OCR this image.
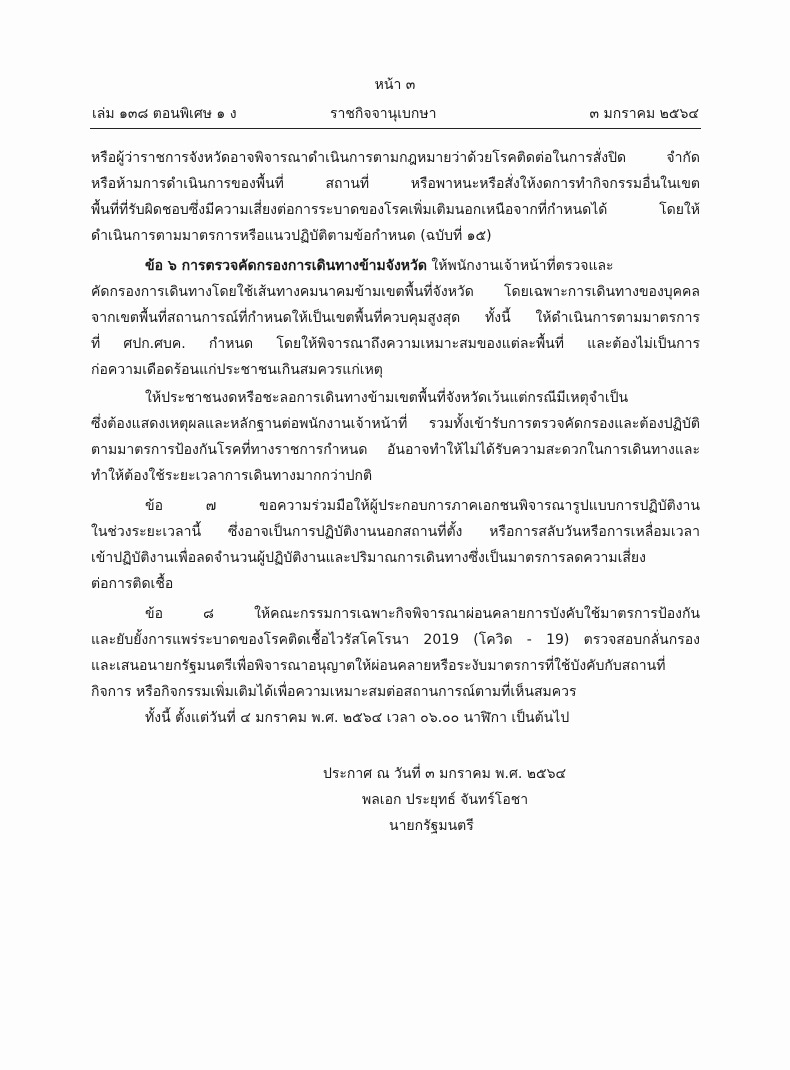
หน้า ๓
เล่ม ๑๓๘ ตอนพิเศษ ๑ ง	ราชกิจจานุเบกษา	๓ มกราคม ๒๕๖๔
หรือผู้ว่าราชการจังหวัดอาจพิจารณาดำเนินการตามกฎหมายว่าด้วยโรคติดต่อในการสั่งปิด จำกัด
หรือห้ามการดำเนินการของพื้นที่ สถานที่ หรือพาหนะหรือสั่งให้งดการทำกิจกรรมอื่นในเขต
พื้นที่ที่รับผิดชอบซึ่งมีความเสี่ยงต่อการระบาดของโรคเพิ่มเติมนอกเหนือจากที่กำหนดได้ โดยให้
ดำเนินการตามมาตรการหรือแนวปฏิบัติตามข้อกำหนด (ฉบับที่ ๑๕)
ข้อ ๖ การตรวจคัดกรองการเดินทางข้ามจังหวัด ให้พนักงานเจ้าหน้าที่ตรวจและ
คัดกรองการเดินทางโดยใช้เส้นทางคมนาคมข้ามเขตพื้นที่จังหวัด โดยเฉพาะการเดินทางของบุคคล
จากเขตพื้นที่สถานการณ์ที่กำหนดให้เป็นเขตพื้นที่ควบคุมสูงสุด ทั้งนี้ ให้ดำเนินการตามมาตรการ
ที่ ศปก.ศบค. กำหนด โดยให้พิจารณาถึงความเหมาะสมของแต่ละพื้นที่ และต้องไม่เป็นการ
ก่อความเดือดร้อนแก่ประชาชนเกินสมควรแก่เหตุ
ให้ประชาชนงดหรือชะลอการเดินทางข้ามเขตพื้นที่จังหวัดเว้นแต่กรณีมีเหตุจำเป็น
ซึ่งต้องแสดงเหตุผลและหลักฐานต่อพนักงานเจ้าหน้าที่ รวมทั้งเข้ารับการตรวจคัดกรองและต้องปฏิบัติ
ตามมาตรการป้องกันโรคที่ทางราชการกำหนด อันอาจทำให้ไม่ได้รับความสะดวกในการเดินทางและ
ทำให้ต้องใช้ระยะเวลาการเดินทางมากกว่าปกติ
ข้อ ๗ ขอความร่วมมือให้ผู้ประกอบการภาคเอกชนพิจารณารูปแบบการปฏิบัติงาน
ในช่วงระยะเวลานี้ ซึ่งอาจเป็นการปฏิบัติงานนอกสถานที่ตั้ง หรือการสลับวันหรือการเหลื่อมเวลา
เข้าปฏิบัติงานเพื่อลดจำนวนผู้ปฏิบัติงานและปริมาณการเดินทางซึ่งเป็นมาตรการลดความเสี่ยง
ต่อการติดเชื้อ
ข้อ ๘ ให้คณะกรรมการเฉพาะกิจพิจารณาผ่อนคลายการบังคับใช้มาตรการป้องกัน
และยับยั้งการแพร่ระบาดของโรคติดเชื้อไวรัสโคโรนา 2019 (โควิด - 19) ตรวจสอบกลั่นกรอง
และเสนอนายกรัฐมนตรีเพื่อพิจารณาอนุญาตให้ผ่อนคลายหรือระงับมาตรการที่ใช้บังคับกับสถานที่
กิจการ หรือกิจกรรมเพิ่มเติมได้เพื่อความเหมาะสมต่อสถานการณ์ตามที่เห็นสมควร
ทั้งนี้ ตั้งแต่วันที่ ๔ มกราคม พ.ศ. ๒๕๖๔ เวลา ๐๖.๐๐ นาฬิกา เป็นต้นไป
ประกาศ ณ วันที่ ๓ มกราคม พ.ศ. ๒๕๖๔
พลเอก ประยุทธ์ จันทร์โอชา
นายกรัฐมนตรี
